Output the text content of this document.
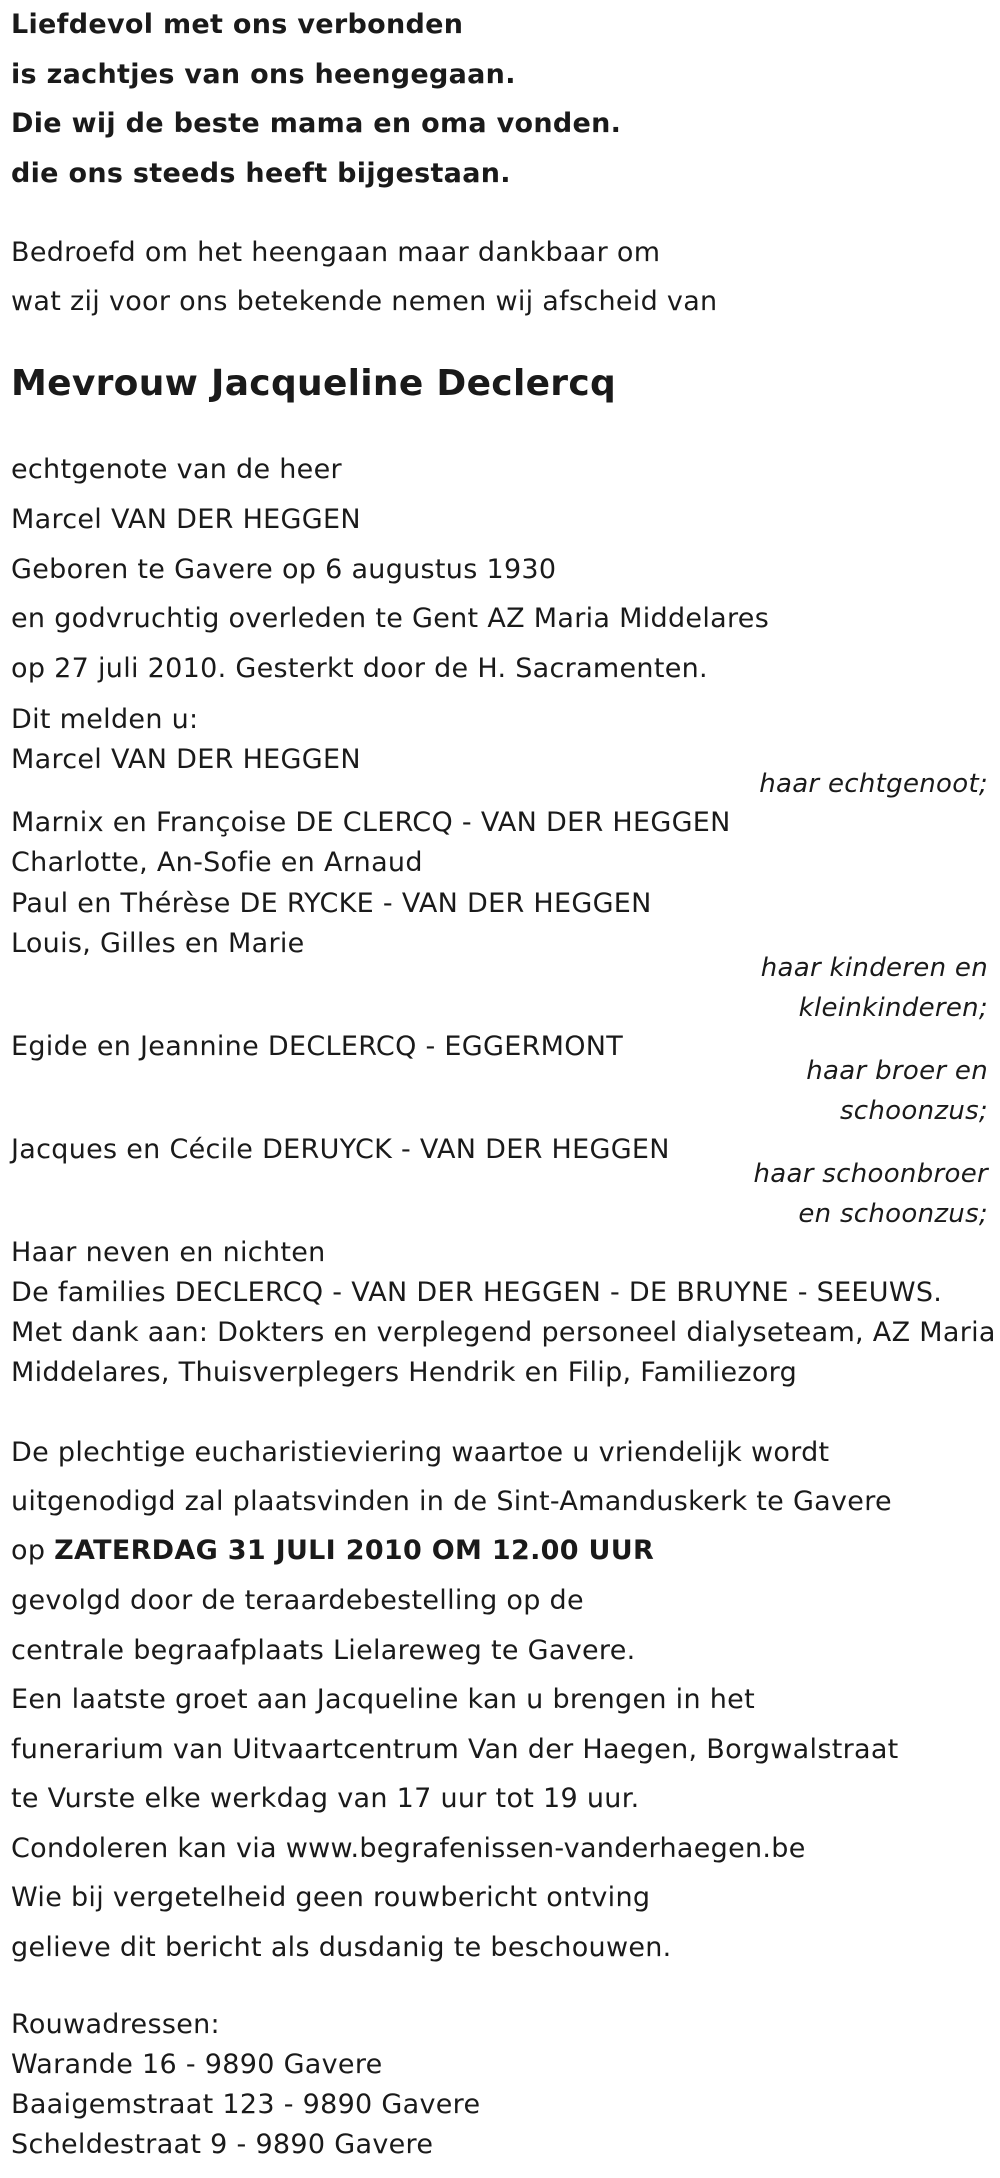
Liefdevol met ons verbonden
is zachtjes van ons heengegaan.
Die wij de beste mama en oma vonden.
die ons steeds heeft bijgestaan.
Bedroefd om het heengaan maar dankbaar om
wat zij voor ons betekende nemen wij afscheid van
Mevrouw Jacqueline Declercq
echtgenote van de heer
Marcel VAN DER HEGGEN
Geboren te Gavere op 6 augustus 1930
en godvruchtig overleden te Gent AZ Maria Middelares
op 27 juli 2010. Gesterkt door de H. Sacramenten.
Dit melden u:
Marcel VAN DER HEGGEN
haar echtgenoot;
Marnix en Françoise DE CLERCQ - VAN DER HEGGEN
Charlotte, An-Sofie en Arnaud
Paul en Thérèse DE RYCKE - VAN DER HEGGEN
Louis, Gilles en Marie
haar kinderen en
kleinkinderen;
Egide en Jeannine DECLERCQ - EGGERMONT
haar broer en
schoonzus;
Jacques en Cécile DERUYCK - VAN DER HEGGEN
haar schoonbroer
en schoonzus;
Haar neven en nichten
De families DECLERCQ - VAN DER HEGGEN - DE BRUYNE - SEEUWS.
Met dank aan: Dokters en verplegend personeel dialyseteam, AZ Maria
Middelares, Thuisverplegers Hendrik en Filip, Familiezorg
De plechtige eucharistieviering waartoe u vriendelijk wordt
uitgenodigd zal plaatsvinden in de Sint-Amanduskerk te Gavere
op ZATERDAG 31 JULI 2010 OM 12.00 UUR
gevolgd door de teraardebestelling op de
centrale begraafplaats Lielareweg te Gavere.
Een laatste groet aan Jacqueline kan u brengen in het
funerarium van Uitvaartcentrum Van der Haegen, Borgwalstraat
te Vurste elke werkdag van 17 uur tot 19 uur.
Condoleren kan via www.begrafenissen-vanderhaegen.be
Wie bij vergetelheid geen rouwbericht ontving
gelieve dit bericht als dusdanig te beschouwen.
Rouwadressen:
Warande 16 - 9890 Gavere
Baaigemstraat 123 - 9890 Gavere
Scheldestraat 9 - 9890 Gavere
